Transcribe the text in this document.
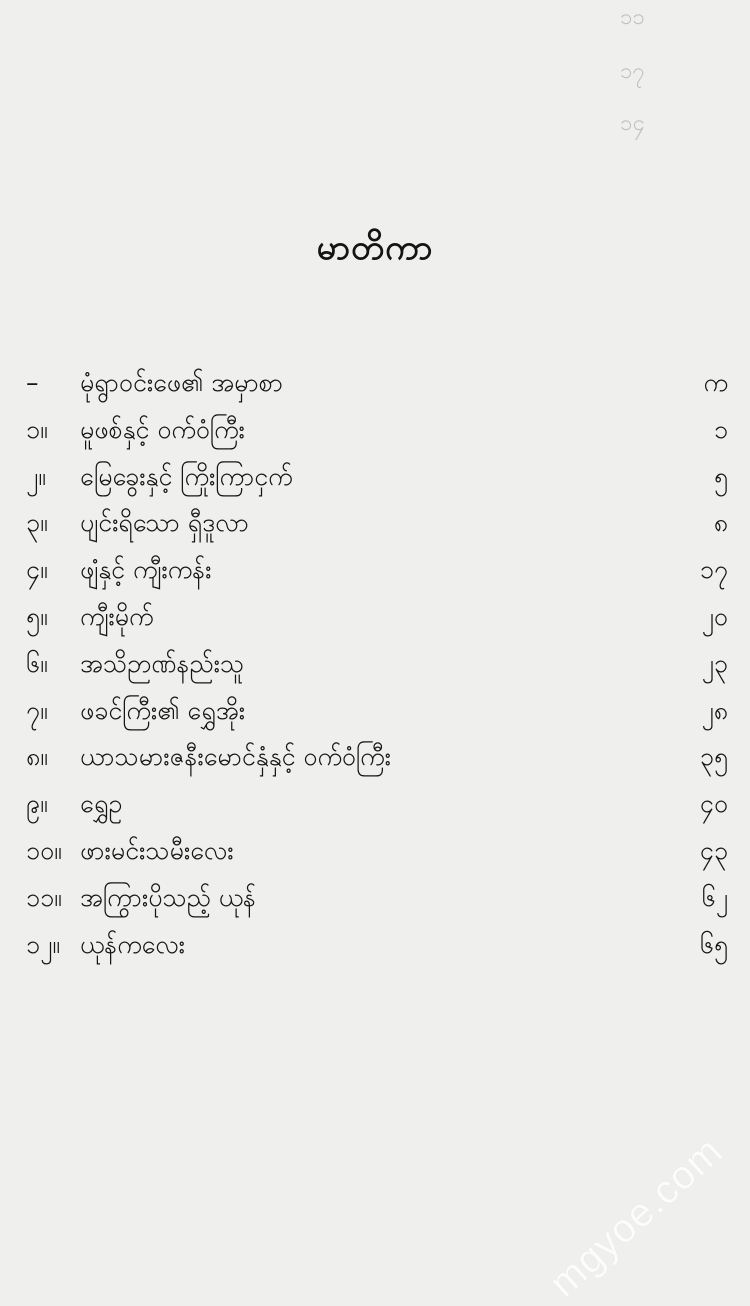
၁၁
၁၇
၁၄
မာတိကာ
–	မုံရွာဝင်းဖေ၏ အမှာစာ	က
၁။	မူဖစ်နှင့် ဝက်ဝံကြီး	၁
၂။	မြေခွေးနှင့် ကြိုးကြာငှက်	၅
၃။	ပျင်းရိသော ရှီဒူလာ	၈
၄။	ဖျံနှင့် ကျီးကန်း	၁၇
၅။	ကျီးမိုက်	၂၀
၆။	အသိဉာဏ်နည်းသူ	၂၃
၇။	ဖခင်ကြီး၏ ရွှေအိုး	၂၈
၈။	ယာသမားဇနီးမောင်နှံနှင့် ဝက်ဝံကြီး	၃၅
၉။	ရွှေဥ	၄၀
၁၀။ ဖားမင်းသမီးလေး	၄၃
၁၁။ အကြွားပိုသည့် ယုန်	၆၂
၁၂။ ယုန်ကလေး	၆၅
mgyoe.com
